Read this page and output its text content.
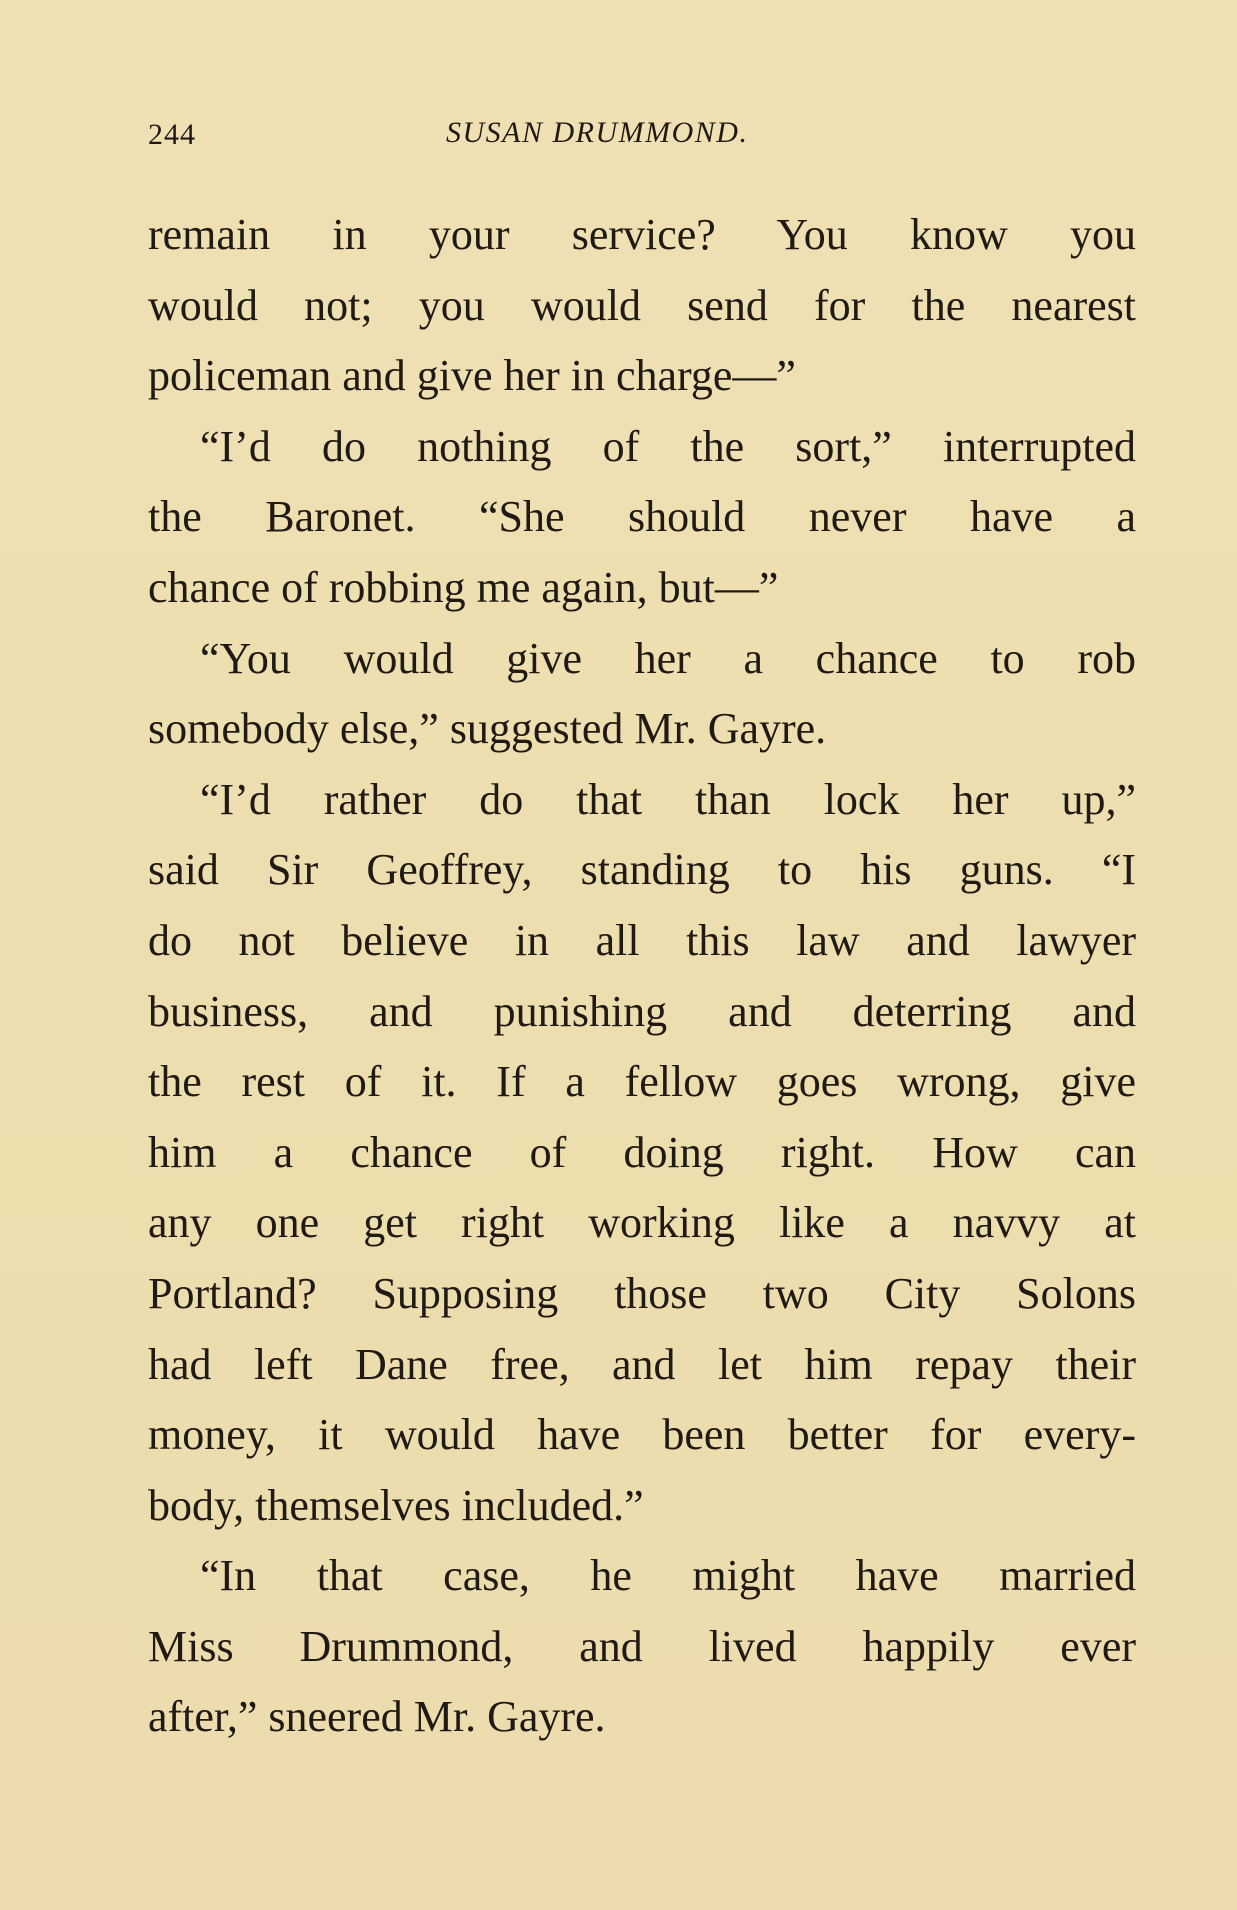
244	SUSAN DRUMMOND.
remain in your service? You know you
would not; you would send for the nearest
policeman and give her in charge—”
“I’d do nothing of the sort,” interrupted
the Baronet. “She should never have a
chance of robbing me again, but—”
“You would give her a chance to rob
somebody else,” suggested Mr. Gayre.
“I’d rather do that than lock her up,”
said Sir Geoffrey, standing to his guns. “I
do not believe in all this law and lawyer
business, and punishing and deterring and
the rest of it. If a fellow goes wrong, give
him a chance of doing right. How can
any one get right working like a navvy at
Portland? Supposing those two City Solons
had left Dane free, and let him repay their
money, it would have been better for every-
body, themselves included.”
“In that case, he might have married
Miss Drummond, and lived happily ever
after,” sneered Mr. Gayre.
